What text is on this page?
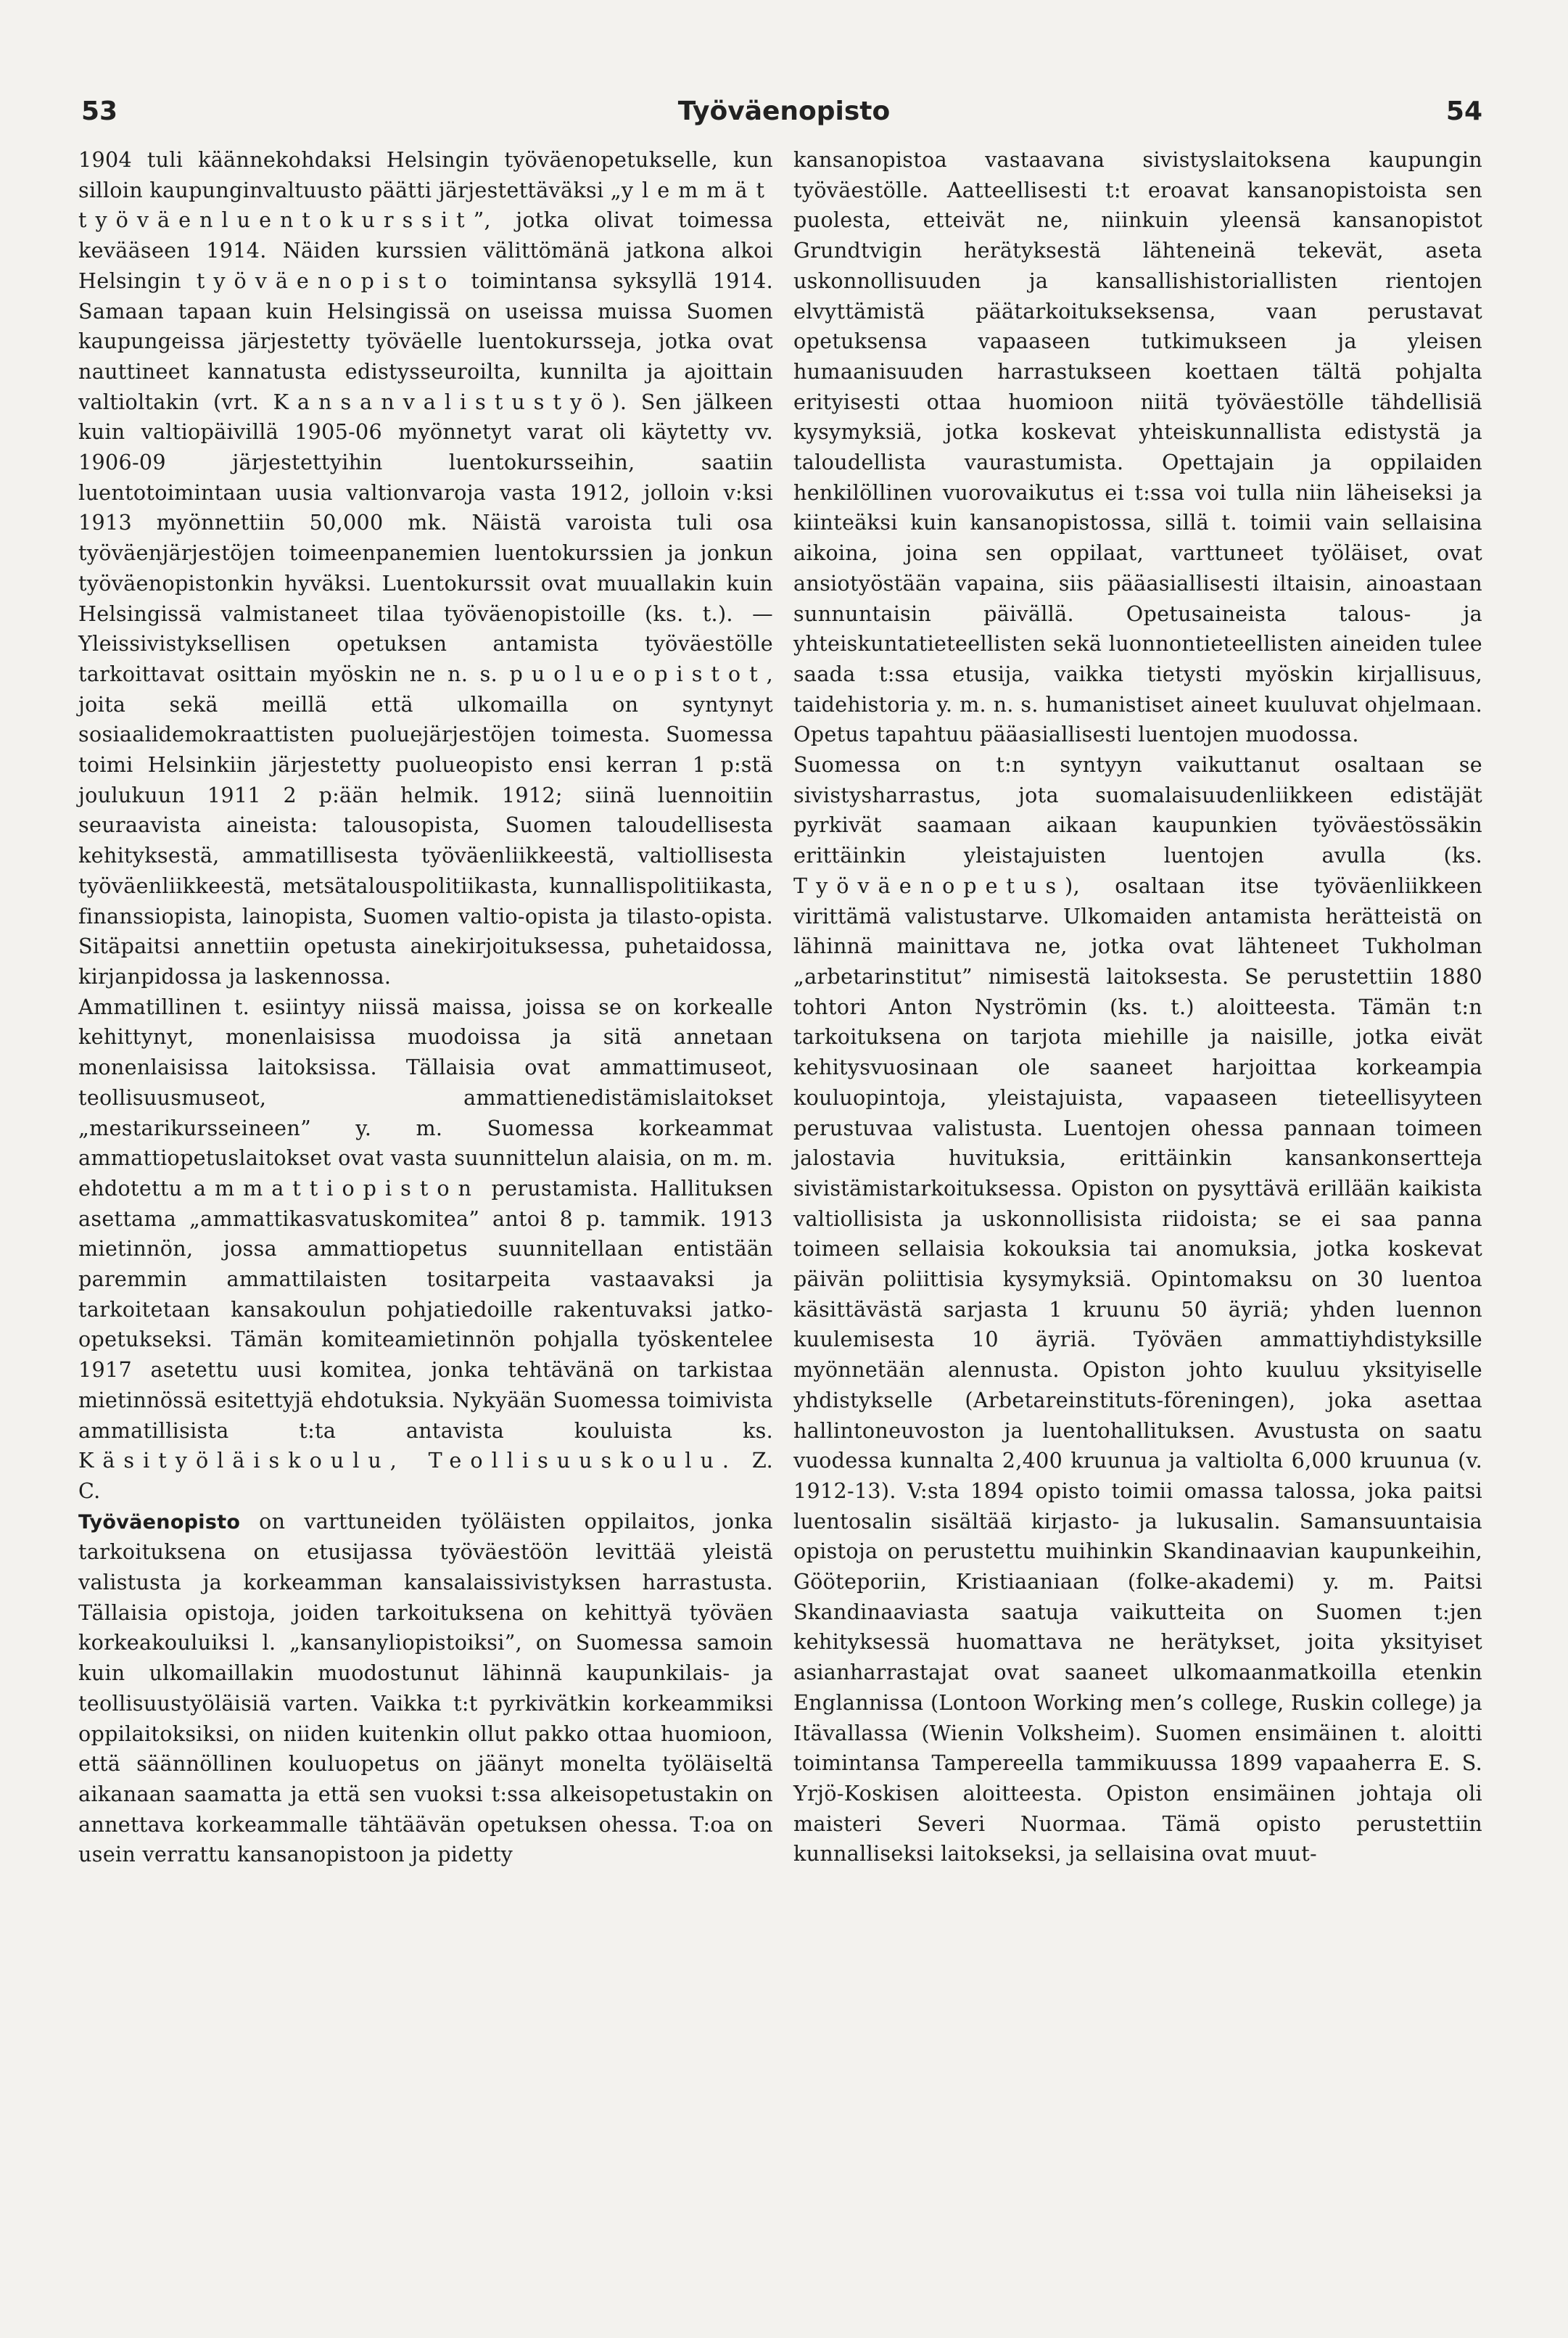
53	Työväenopisto	54

1904 tuli käännekohdaksi Helsingin työväenopetukselle, kun silloin kaupunginvaltuusto päätti järjestettäväksi „ylemmät työväenluentokurssit”, jotka olivat toimessa kevääseen 1914. Näiden kurssien välittömänä jatkona alkoi Helsingin työväenopisto toimintansa syksyllä 1914. Samaan tapaan kuin Helsingissä on useissa muissa Suomen kaupungeissa järjestetty työväelle luentokursseja, jotka ovat nauttineet kannatusta edistysseuroilta, kunnilta ja ajoittain valtioltakin (vrt. Kansanvalistustyö). Sen jälkeen kuin valtiopäivillä 1905-06 myönnetyt varat oli käytetty vv. 1906-09 järjestettyihin luentokursseihin, saatiin luentotoimintaan uusia valtionvaroja vasta 1912, jolloin v:ksi 1913 myönnettiin 50,000 mk. Näistä varoista tuli osa työväenjärjestöjen toimeenpanemien luentokurssien ja jonkun työväenopistonkin hyväksi. Luentokurssit ovat muuallakin kuin Helsingissä valmistaneet tilaa työväenopistoille (ks. t.). — Yleissivistyksellisen opetuksen antamista työväestölle tarkoittavat osittain myöskin ne n. s. puolueopistot, joita sekä meillä että ulkomailla on syntynyt sosiaalidemokraattisten puoluejärjestöjen toimesta. Suomessa toimi Helsinkiin järjestetty puolueopisto ensi kerran 1 p:stä joulukuun 1911 2 p:ään helmik. 1912; siinä luennoitiin seuraavista aineista: talousopista, Suomen taloudellisesta kehityksestä, ammatillisesta työväenliikkeestä, valtiollisesta työväenliikkeestä, metsätalouspolitiikasta, kunnallispolitiikasta, finanssiopista, lainopista, Suomen valtio-opista ja tilasto-opista. Sitäpaitsi annettiin opetusta ainekirjoituksessa, puhetaidossa, kirjanpidossa ja laskennossa.

Ammatillinen t. esiintyy niissä maissa, joissa se on korkealle kehittynyt, monenlaisissa muodoissa ja sitä annetaan monenlaisissa laitoksissa. Tällaisia ovat ammattimuseot, teollisuusmuseot, ammattienedistämislaitokset „mestarikursseineen” y. m. Suomessa korkeammat ammattiopetuslaitokset ovat vasta suunnittelun alaisia, on m. m. ehdotettu ammattiopiston perustamista. Hallituksen asettama „ammattikasvatuskomitea” antoi 8 p. tammik. 1913 mietinnön, jossa ammattiopetus suunnitellaan entistään paremmin ammattilaisten tositarpeita vastaavaksi ja tarkoitetaan kansakoulun pohjatiedoille rakentuvaksi jatko-opetukseksi. Tämän komiteamietinnön pohjalla työskentelee 1917 asetettu uusi komitea, jonka tehtävänä on tarkistaa mietinnössä esitettyjä ehdotuksia. Nykyään Suomessa toimivista ammatillisista t:ta antavista kouluista ks. Käsityöläiskoulu, Teollisuuskoulu. Z. C.

Työväenopisto on varttuneiden työläisten oppilaitos, jonka tarkoituksena on etusijassa työväestöön levittää yleistä valistusta ja korkeamman kansalaissivistyksen harrastusta. Tällaisia opistoja, joiden tarkoituksena on kehittyä työväen korkeakouluiksi l. „kansanyliopistoiksi”, on Suomessa samoin kuin ulkomaillakin muodostunut lähinnä kaupunkilais- ja teollisuustyöläisiä varten. Vaikka t:t pyrkivätkin korkeammiksi oppilaitoksiksi, on niiden kuitenkin ollut pakko ottaa huomioon, että säännöllinen kouluopetus on jäänyt monelta työläiseltä aikanaan saamatta ja että sen vuoksi t:ssa alkeisopetustakin on annettava korkeammalle tähtäävän opetuksen ohessa. T:oa on usein verrattu kansanopistoon ja pidetty

kansanopistoa vastaavana sivistyslaitoksena kaupungin työväestölle. Aatteellisesti t:t eroavat kansanopistoista sen puolesta, etteivät ne, niinkuin yleensä kansanopistot Grundtvigin herätyksestä lähteneinä tekevät, aseta uskonnollisuuden ja kansallishistoriallisten rientojen elvyttämistä päätarkoitukseksensa, vaan perustavat opetuksensa vapaaseen tutkimukseen ja yleisen humaanisuuden harrastukseen koettaen tältä pohjalta erityisesti ottaa huomioon niitä työväestölle tähdellisiä kysymyksiä, jotka koskevat yhteiskunnallista edistystä ja taloudellista vaurastumista. Opettajain ja oppilaiden henkilöllinen vuorovaikutus ei t:ssa voi tulla niin läheiseksi ja kiinteäksi kuin kansanopistossa, sillä t. toimii vain sellaisina aikoina, joina sen oppilaat, varttuneet työläiset, ovat ansiotyöstään vapaina, siis pääasiallisesti iltaisin, ainoastaan sunnuntaisin päivällä. Opetusaineista talous- ja yhteiskuntatieteellisten sekä luonnontieteellisten aineiden tulee saada t:ssa etusija, vaikka tietysti myöskin kirjallisuus, taidehistoria y. m. n. s. humanistiset aineet kuuluvat ohjelmaan. Opetus tapahtuu pääasiallisesti luentojen muodossa.

Suomessa on t:n syntyyn vaikuttanut osaltaan se sivistysharrastus, jota suomalaisuudenliikkeen edistäjät pyrkivät saamaan aikaan kaupunkien työväestössäkin erittäinkin yleistajuisten luentojen avulla (ks. Työväenopetus), osaltaan itse työväenliikkeen virittämä valistustarve. Ulkomaiden antamista herätteistä on lähinnä mainittava ne, jotka ovat lähteneet Tukholman „arbetarinstitut” nimisestä laitoksesta. Se perustettiin 1880 tohtori Anton Nyströmin (ks. t.) aloitteesta. Tämän t:n tarkoituksena on tarjota miehille ja naisille, jotka eivät kehitysvuosinaan ole saaneet harjoittaa korkeampia kouluopintoja, yleistajuista, vapaaseen tieteellisyyteen perustuvaa valistusta. Luentojen ohessa pannaan toimeen jalostavia huvituksia, erittäinkin kansankonsertteja sivistämistarkoituksessa. Opiston on pysyttävä erillään kaikista valtiollisista ja uskonnollisista riidoista; se ei saa panna toimeen sellaisia kokouksia tai anomuksia, jotka koskevat päivän poliittisia kysymyksiä. Opintomaksu on 30 luentoa käsittävästä sarjasta 1 kruunu 50 äyriä; yhden luennon kuulemisesta 10 äyriä. Työväen ammattiyhdistyksille myönnetään alennusta. Opiston johto kuuluu yksityiselle yhdistykselle (Arbetareinstituts-föreningen), joka asettaa hallintoneuvoston ja luentohallituksen. Avustusta on saatu vuodessa kunnalta 2,400 kruunua ja valtiolta 6,000 kruunua (v. 1912-13). V:sta 1894 opisto toimii omassa talossa, joka paitsi luentosalin sisältää kirjasto- ja lukusalin. Samansuuntaisia opistoja on perustettu muihinkin Skandinaavian kaupunkeihin, Gööteporiin, Kristiaaniaan (folke-akademi) y. m. Paitsi Skandinaaviasta saatuja vaikutteita on Suomen t:jen kehityksessä huomattava ne herätykset, joita yksityiset asianharrastajat ovat saaneet ulkomaanmatkoilla etenkin Englannissa (Lontoon Working men’s college, Ruskin college) ja Itävallassa (Wienin Volksheim). Suomen ensimäinen t. aloitti toimintansa Tampereella tammikuussa 1899 vapaaherra E. S. Yrjö-Koskisen aloitteesta. Opiston ensimäinen johtaja oli maisteri Severi Nuormaa. Tämä opisto perustettiin kunnalliseksi laitokseksi, ja sellaisina ovat muut-
